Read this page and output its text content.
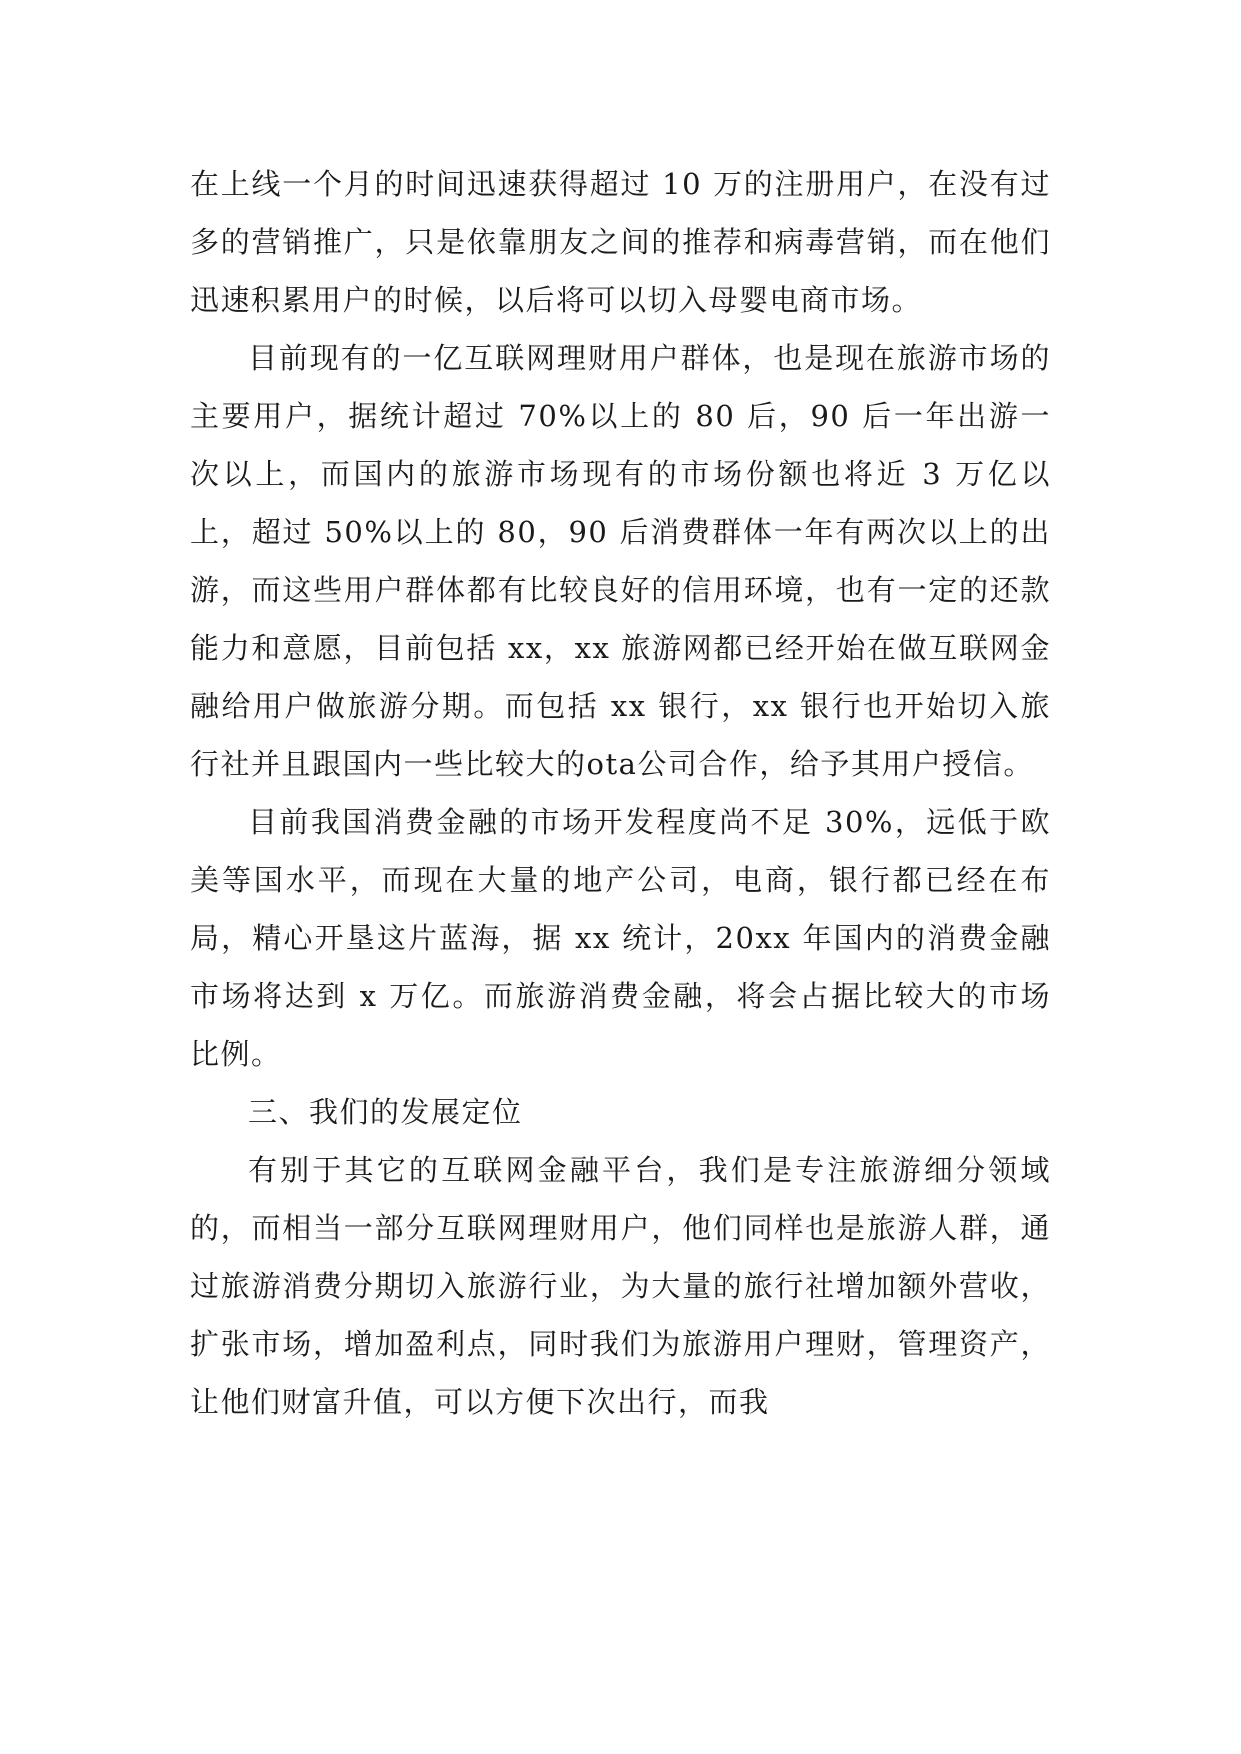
在上线一个月的时间迅速获得超过 10 万的注册用户，在没有过多的营销推广，只是依靠朋友之间的推荐和病毒营销，而在他们迅速积累用户的时候，以后将可以切入母婴电商市场。

目前现有的一亿互联网理财用户群体，也是现在旅游市场的主要用户，据统计超过 70%以上的 80 后，90 后一年出游一次以上，而国内的旅游市场现有的市场份额也将近 3 万亿以上，超过 50%以上的 80，90 后消费群体一年有两次以上的出游，而这些用户群体都有比较良好的信用环境，也有一定的还款能力和意愿，目前包括 xx，xx 旅游网都已经开始在做互联网金融给用户做旅游分期。而包括 xx 银行，xx 银行也开始切入旅行社并且跟国内一些比较大的ota公司合作，给予其用户授信。

目前我国消费金融的市场开发程度尚不足 30%，远低于欧美等国水平，而现在大量的地产公司，电商，银行都已经在布局，精心开垦这片蓝海，据 xx 统计，20xx 年国内的消费金融市场将达到 x 万亿。而旅游消费金融，将会占据比较大的市场比例。

三、我们的发展定位

有别于其它的互联网金融平台，我们是专注旅游细分领域的，而相当一部分互联网理财用户，他们同样也是旅游人群，通过旅游消费分期切入旅游行业，为大量的旅行社增加额外营收，扩张市场，增加盈利点，同时我们为旅游用户理财，管理资产，让他们财富升值，可以方便下次出行，而我
